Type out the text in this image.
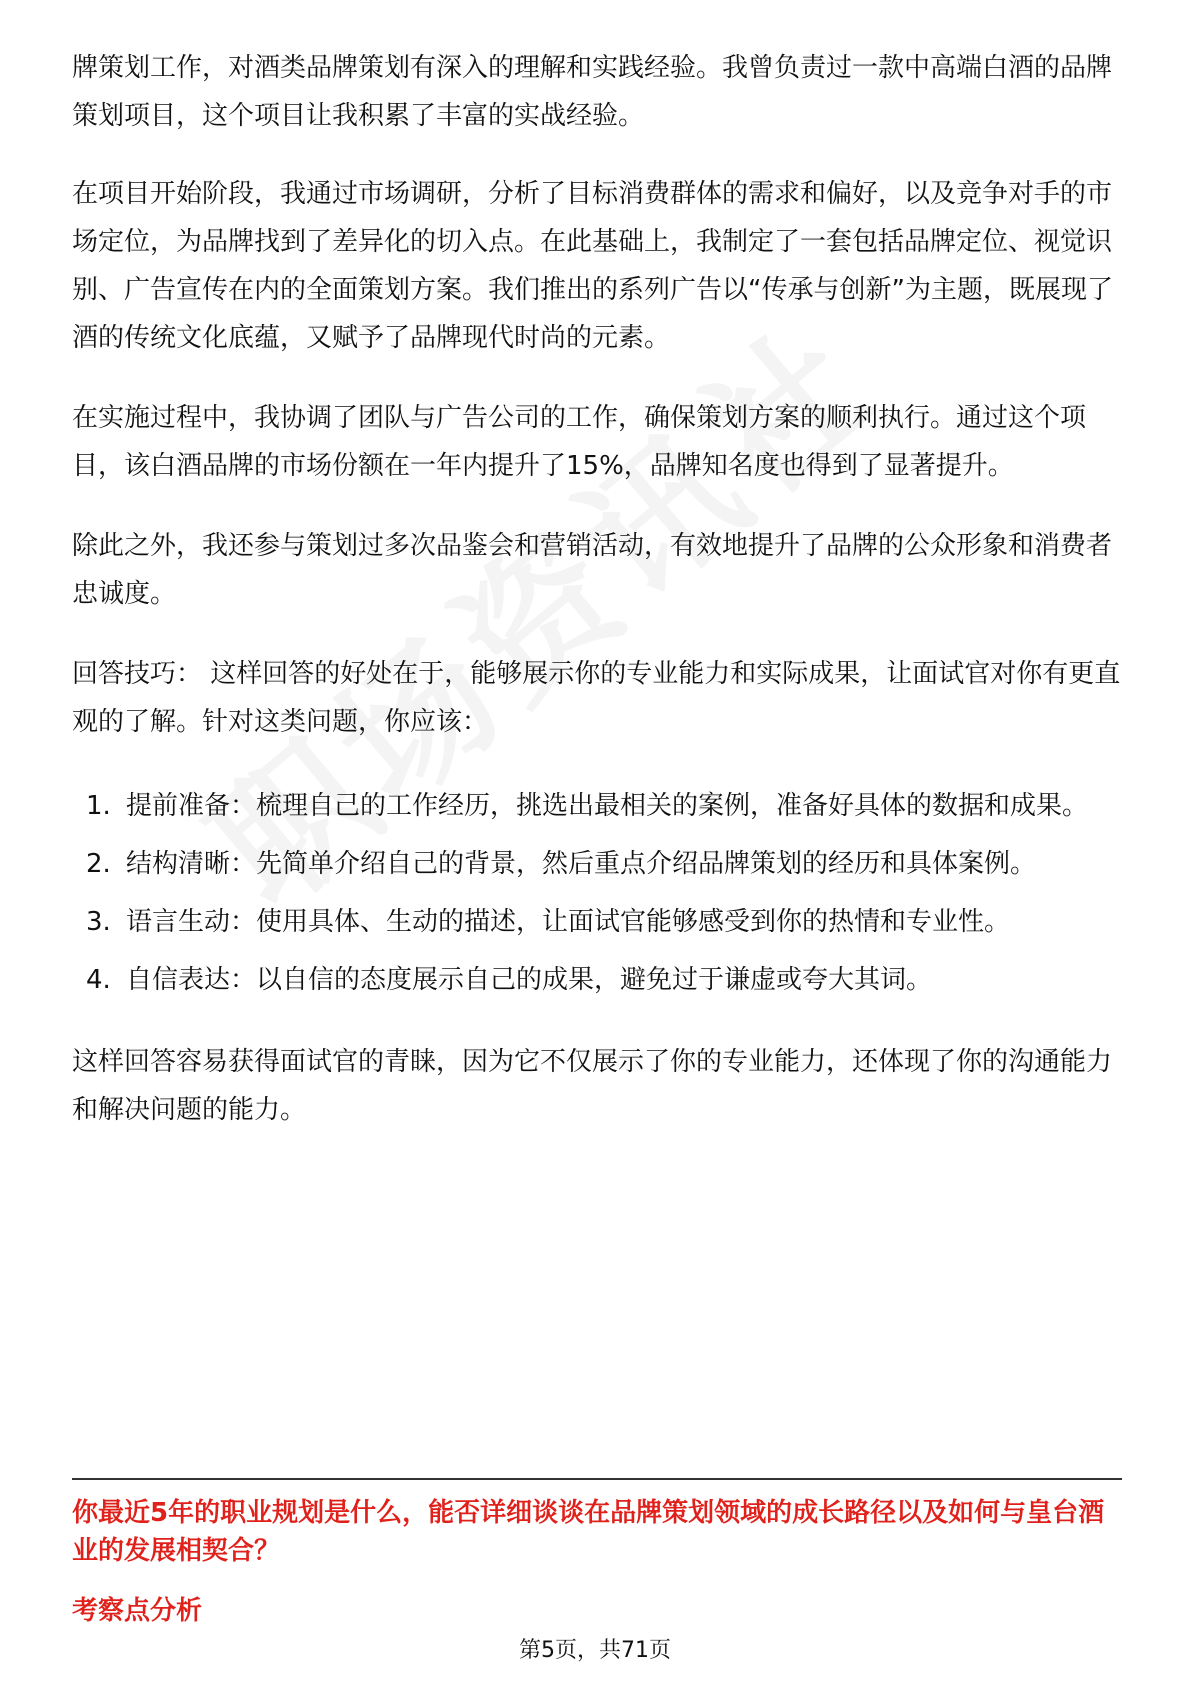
牌策划工作，对酒类品牌策划有深入的理解和实践经验。我曾负责过一款中高端白酒的品牌策划项目，这个项目让我积累了丰富的实战经验。

在项目开始阶段，我通过市场调研，分析了目标消费群体的需求和偏好，以及竞争对手的市场定位，为品牌找到了差异化的切入点。在此基础上，我制定了一套包括品牌定位、视觉识别、广告宣传在内的全面策划方案。我们推出的系列广告以“传承与创新”为主题，既展现了酒的传统文化底蕴，又赋予了品牌现代时尚的元素。

在实施过程中，我协调了团队与广告公司的工作，确保策划方案的顺利执行。通过这个项目，该白酒品牌的市场份额在一年内提升了15%，品牌知名度也得到了显著提升。

除此之外，我还参与策划过多次品鉴会和营销活动，有效地提升了品牌的公众形象和消费者忠诚度。

回答技巧： 这样回答的好处在于，能够展示你的专业能力和实际成果，让面试官对你有更直观的了解。针对这类问题，你应该：

1. 提前准备：梳理自己的工作经历，挑选出最相关的案例，准备好具体的数据和成果。
2. 结构清晰：先简单介绍自己的背景，然后重点介绍品牌策划的经历和具体案例。
3. 语言生动：使用具体、生动的描述，让面试官能够感受到你的热情和专业性。
4. 自信表达：以自信的态度展示自己的成果，避免过于谦虚或夸大其词。

这样回答容易获得面试官的青睐，因为它不仅展示了你的专业能力，还体现了你的沟通能力和解决问题的能力。

你最近5年的职业规划是什么，能否详细谈谈在品牌策划领域的成长路径以及如何与皇台酒业的发展相契合？
考察点分析
第5页，共71页
